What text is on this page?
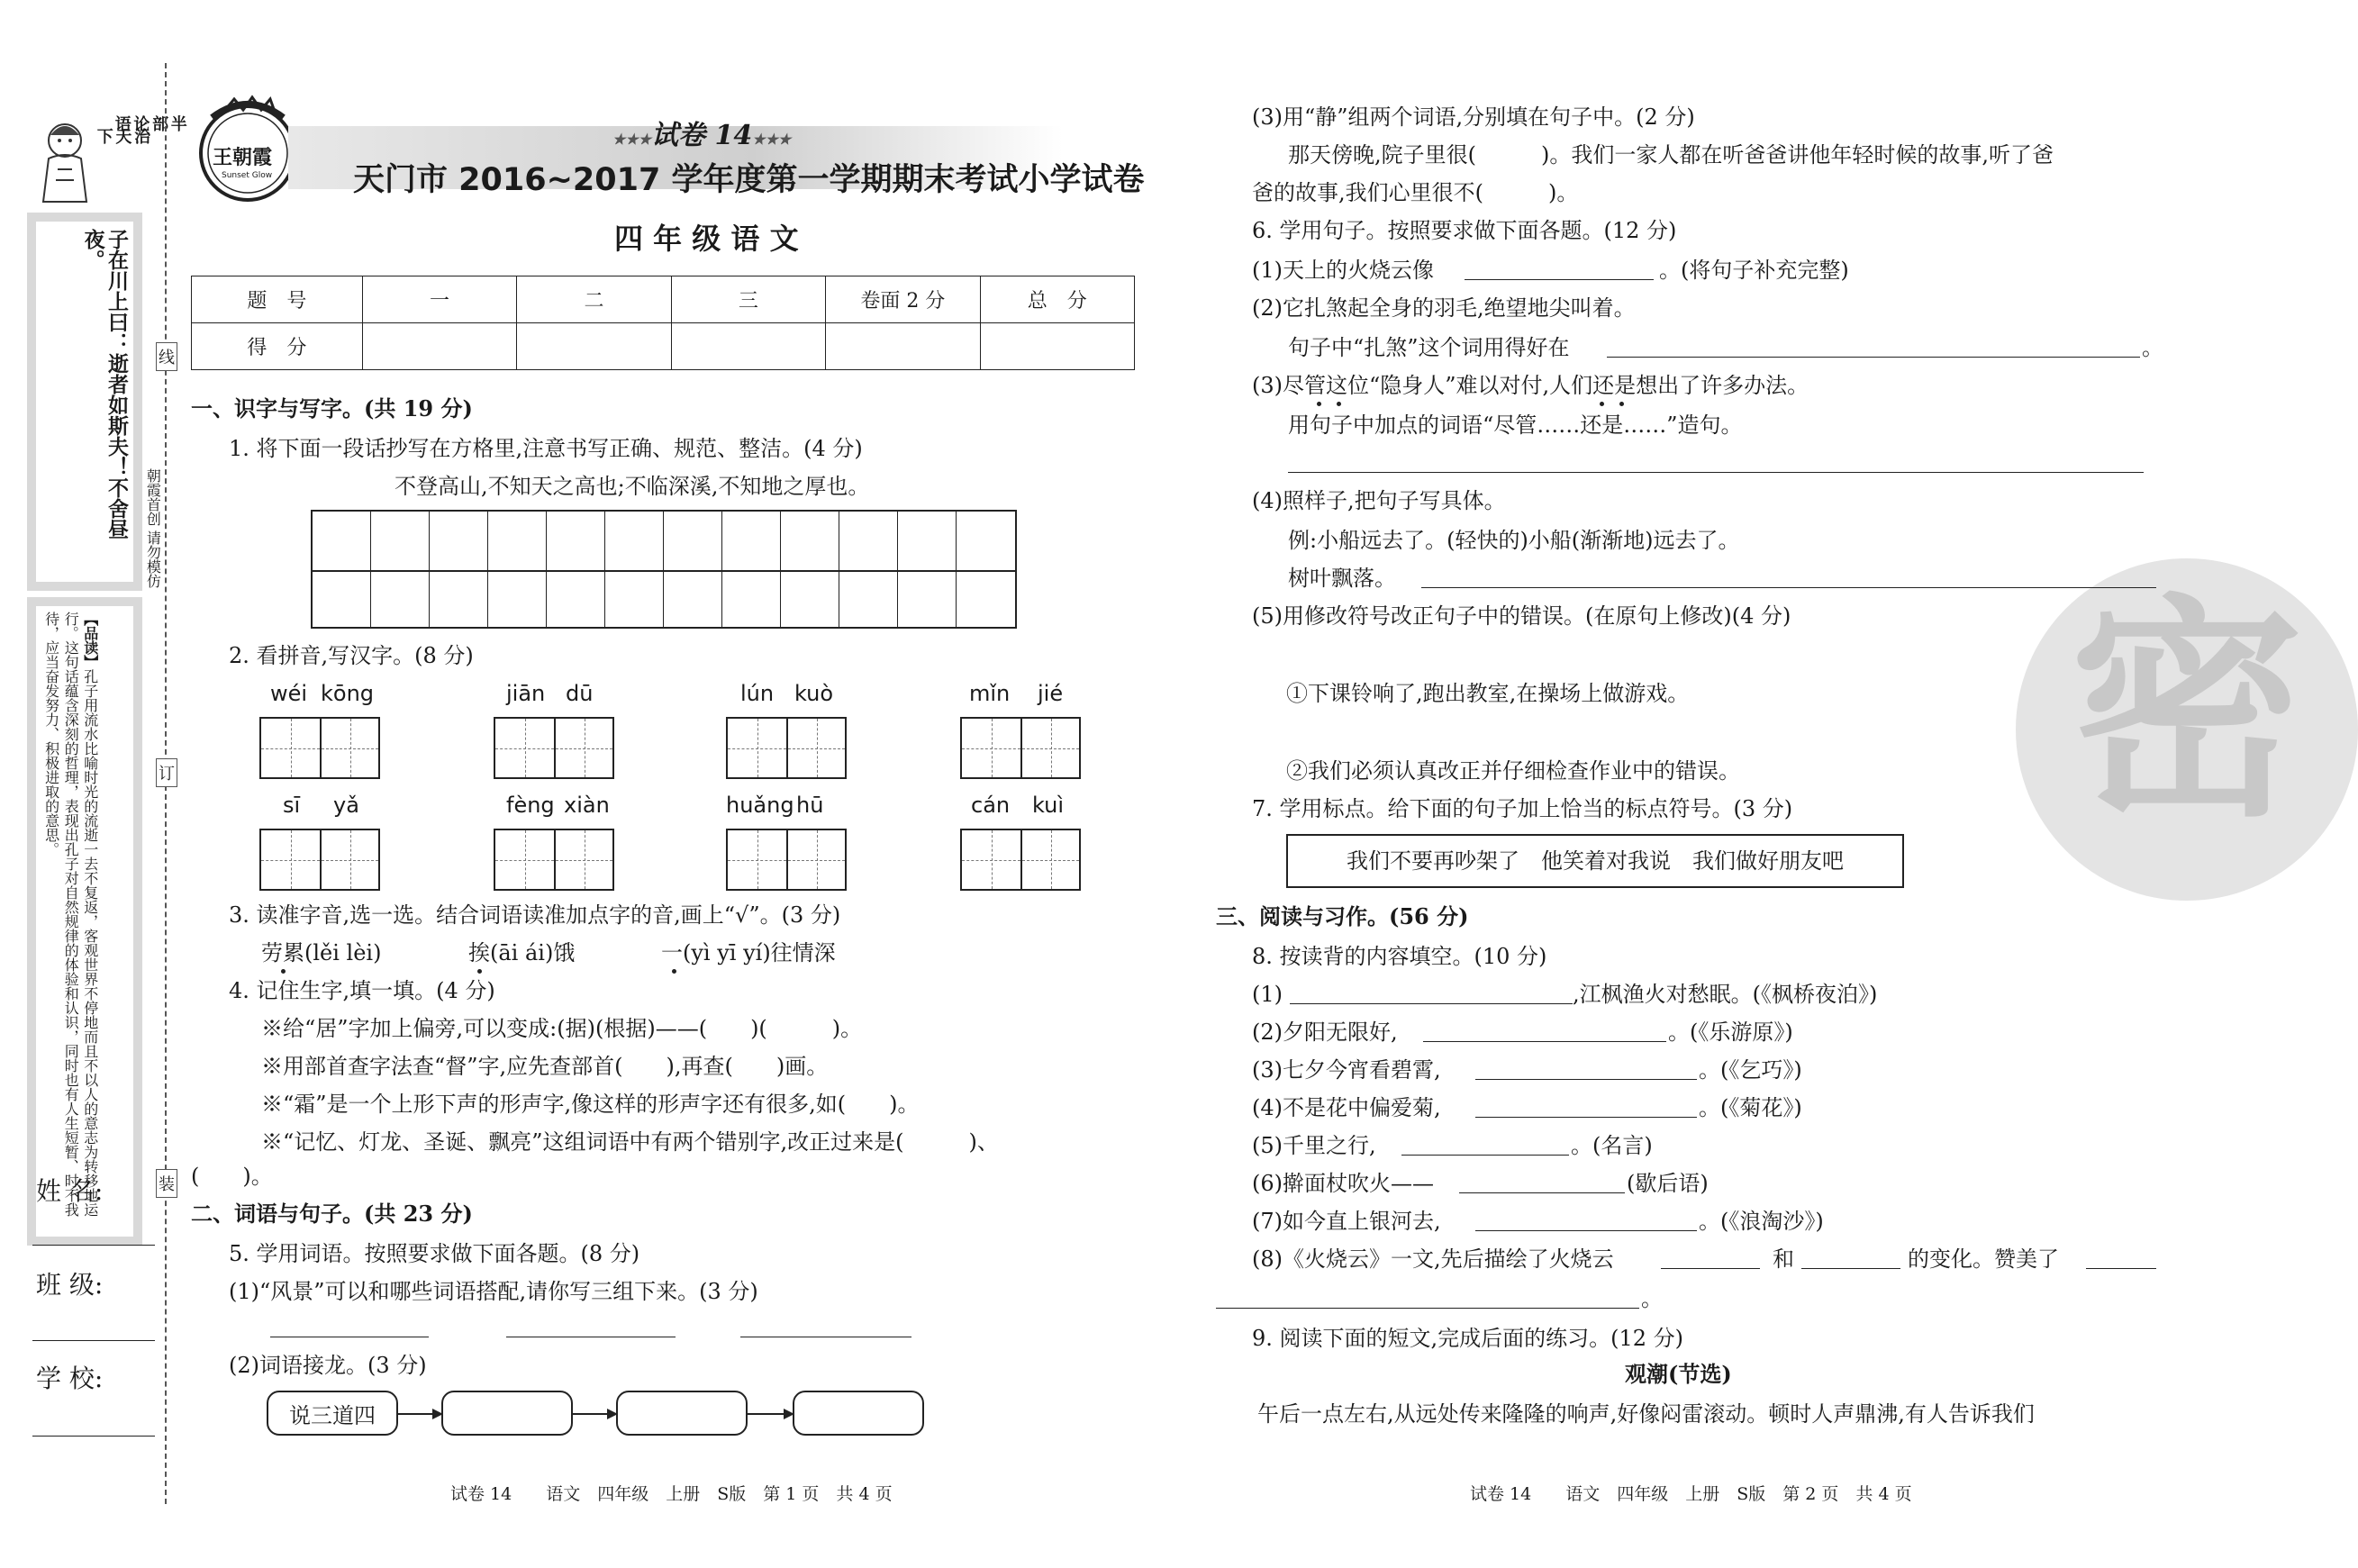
半
部
论
语
治
天
下
子在川上曰：逝者如斯夫！不舍昼夜。
【品读】孔子用流水比喻时光的流逝一去不复返，客观世界不停地而且不以人的意志为转移地运行。这句话蕴含深刻的哲理，表现出孔子对自然规律的体验和认识，同时也有人生短暂、时不我待，应当奋发努力、积极进取的意思。
线
订
装
朝霞首创 请勿模仿
姓 名:
班 级:
学 校:
王朝霞
Sunset Glow
★★★试卷 14★★★
天门市 2016~2017 学年度第一学期期末考试小学试卷
四 年 级 语 文
题　号	一	二	三	卷面 2 分	总　分
得　分					
一、识字与写字。(共 19 分)
1. 将下面一段话抄写在方格里,注意书写正确、规范、整洁。(4 分)
不登高山,不知天之高也;不临深溪,不知地之厚也。
2. 看拼音,写汉字。(8 分)
wéi kōng	jiān dū	lún kuò	mǐn jié
sī yǎ	fèng xiàn	huǎng hū	cán kuì
3. 读准字音,选一选。结合词语读准加点字的音,画上“√”。(3 分)
劳累(lěi lèi)	挨(āi ái)饿	一(yì yī yí)往情深
4. 记住生字,填一填。(4 分)
※给“居”字加上偏旁,可以变成:(据)(根据)——(　　)(　　　)。
※用部首查字法查“督”字,应先查部首(　　),再查(　　)画。
※“霜”是一个上形下声的形声字,像这样的形声字还有很多,如(　　)。
※“记忆、灯龙、圣诞、飘亮”这组词语中有两个错别字,改正过来是(　　　)、
(　　)。
二、词语与句子。(共 23 分)
5. 学用词语。按照要求做下面各题。(8 分)
(1)“风景”可以和哪些词语搭配,请你写三组下来。(3 分)
(2)词语接龙。(3 分)
说三道四
试卷 14　　语文　四年级　上册　S版　第 1 页　共 4 页
密
(3)用“静”组两个词语,分别填在句子中。(2 分)
那天傍晚,院子里很(　　　)。我们一家人都在听爸爸讲他年轻时候的故事,听了爸
爸的故事,我们心里很不(　　　)。
6. 学用句子。按照要求做下面各题。(12 分)
(1)天上的火烧云像	。(将句子补充完整)
(2)它扎煞起全身的羽毛,绝望地尖叫着。
句子中“扎煞”这个词用得好在	。
(3)尽管这位“隐身人”难以对付,人们还是想出了许多办法。
用句子中加点的词语“尽管……还是……”造句。
(4)照样子,把句子写具体。
例:小船远去了。(轻快的)小船(渐渐地)远去了。
树叶飘落。
(5)用修改符号改正句子中的错误。(在原句上修改)(4 分)
①下课铃响了,跑出教室,在操场上做游戏。
②我们必须认真改正并仔细检查作业中的错误。
7. 学用标点。给下面的句子加上恰当的标点符号。(3 分)
我们不要再吵架了　他笑着对我说　我们做好朋友吧
三、阅读与习作。(56 分)
8. 按读背的内容填空。(10 分)
(1)	,江枫渔火对愁眠。(《枫桥夜泊》)
(2)夕阳无限好,	。(《乐游原》)
(3)七夕今宵看碧霄,	。(《乞巧》)
(4)不是花中偏爱菊,	。(《菊花》)
(5)千里之行,	。(名言)
(6)擀面杖吹火——	(歇后语)
(7)如今直上银河去,	。(《浪淘沙》)
(8)《火烧云》一文,先后描绘了火烧云	和	的变化。赞美了
。
9. 阅读下面的短文,完成后面的练习。(12 分)
观潮(节选)
午后一点左右,从远处传来隆隆的响声,好像闷雷滚动。顿时人声鼎沸,有人告诉我们
试卷 14　　语文　四年级　上册　S版　第 2 页　共 4 页
